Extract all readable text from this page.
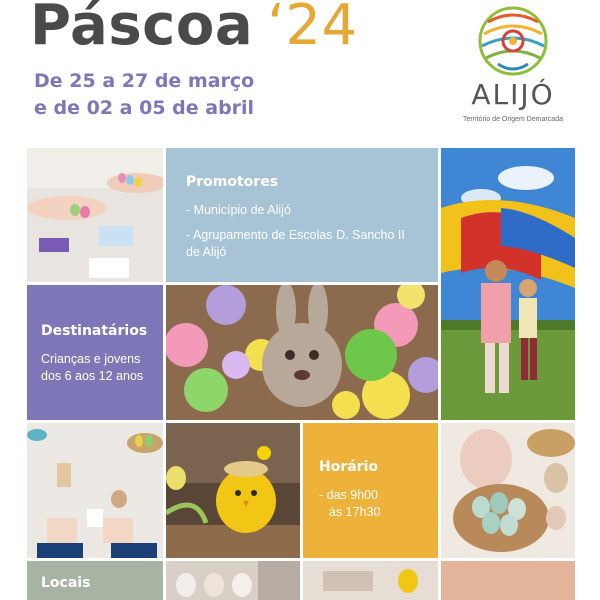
Páscoa ‘24
De 25 a 27 de março
e de 02 a 05 de abril	ALIJÓ
Território de Origem Demarcada
Promotores
- Município de Alijó
- Agrupamento de Escolas D. Sancho II de Alijó
Destinatários

Crianças e jovens

dos 6 aos 12 anos

Horário

- das 9h00

às 17h30

Locais
